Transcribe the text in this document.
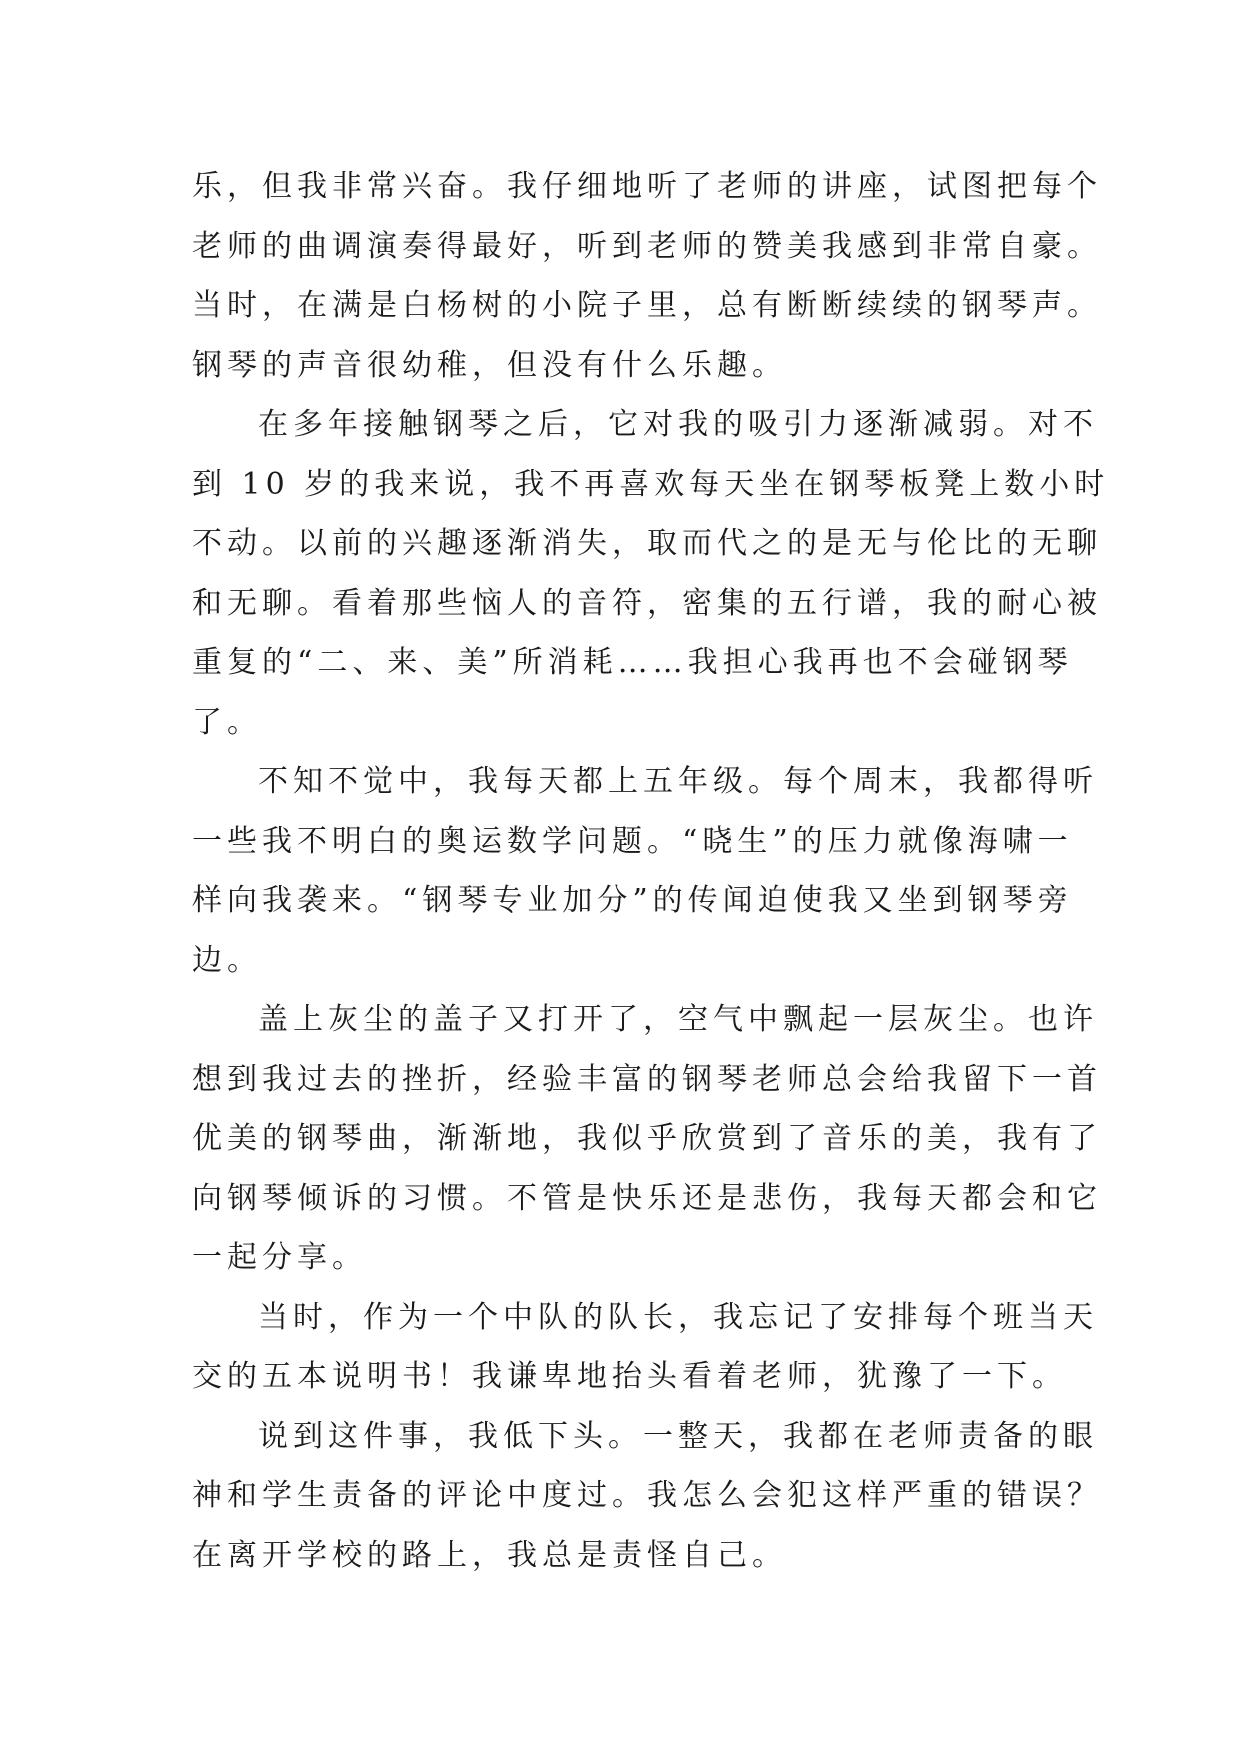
乐，但我非常兴奋。我仔细地听了老师的讲座，试图把每个
老师的曲调演奏得最好，听到老师的赞美我感到非常自豪。
当时，在满是白杨树的小院子里，总有断断续续的钢琴声。
钢琴的声音很幼稚，但没有什么乐趣。
在多年接触钢琴之后，它对我的吸引力逐渐减弱。对不
到 10 岁的我来说，我不再喜欢每天坐在钢琴板凳上数小时
不动。以前的兴趣逐渐消失，取而代之的是无与伦比的无聊
和无聊。看着那些恼人的音符，密集的五行谱，我的耐心被
重复的“二、来、美”所消耗……我担心我再也不会碰钢琴
了。
不知不觉中，我每天都上五年级。每个周末，我都得听
一些我不明白的奥运数学问题。“晓生”的压力就像海啸一
样向我袭来。“钢琴专业加分”的传闻迫使我又坐到钢琴旁
边。
盖上灰尘的盖子又打开了，空气中飘起一层灰尘。也许
想到我过去的挫折，经验丰富的钢琴老师总会给我留下一首
优美的钢琴曲，渐渐地，我似乎欣赏到了音乐的美，我有了
向钢琴倾诉的习惯。不管是快乐还是悲伤，我每天都会和它
一起分享。
当时，作为一个中队的队长，我忘记了安排每个班当天
交的五本说明书！我谦卑地抬头看着老师，犹豫了一下。
说到这件事，我低下头。一整天，我都在老师责备的眼
神和学生责备的评论中度过。我怎么会犯这样严重的错误？
在离开学校的路上，我总是责怪自己。
